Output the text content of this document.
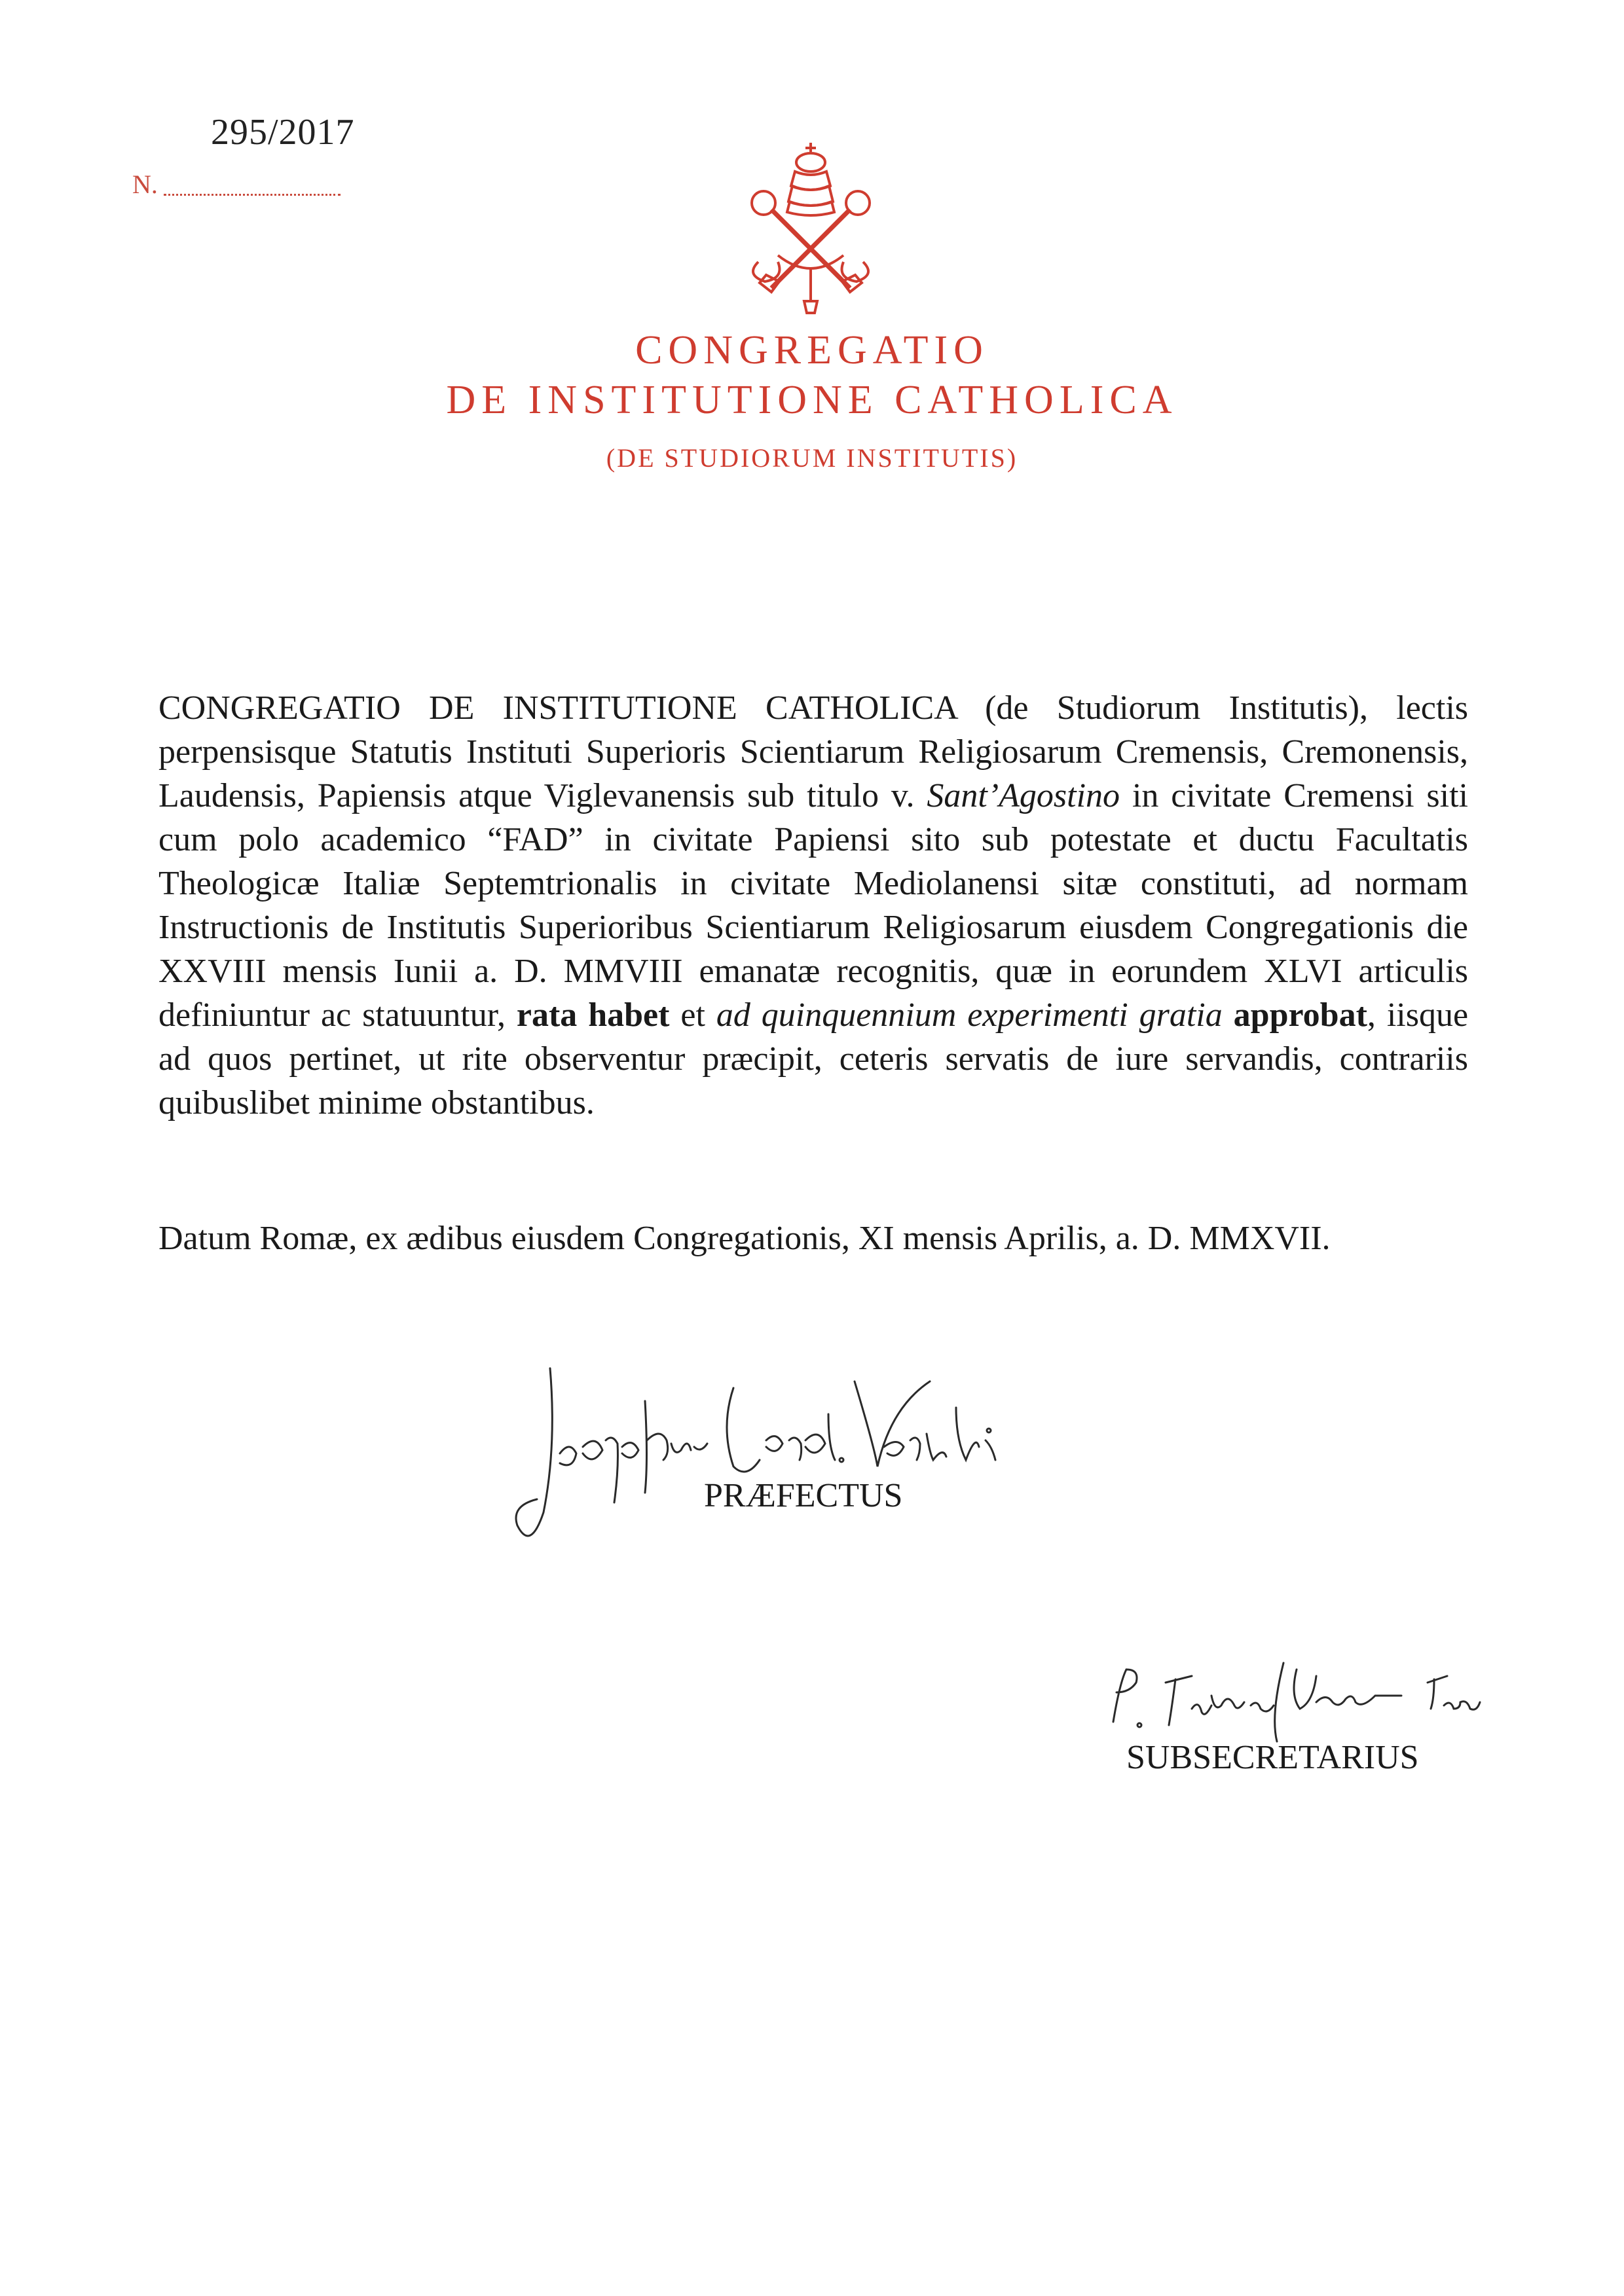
295/2017
N.
CONGREGATIO
DE INSTITUTIONE CATHOLICA
(DE STUDIORUM INSTITUTIS)

CONGREGATIO DE INSTITUTIONE CATHOLICA (de Studiorum Institutis), lectis perpensisque Statutis Instituti Superioris Scientiarum Religiosarum Cremensis, Cremonensis, Laudensis, Papiensis atque Viglevanensis sub titulo v. Sant’Agostino in civitate Cremensi siti cum polo academico “FAD” in civitate Papiensi sito sub potestate et ductu Facultatis Theologicæ Italiæ Septemtrionalis in civitate Mediolanensi sitæ constituti, ad normam Instructionis de Institutis Superioribus Scientiarum Religiosarum eiusdem Congregationis die XXVIII mensis Iunii a. D. MMVIII emanatæ recognitis, quæ in eorundem XLVI articulis definiuntur ac statuuntur, rata habet et ad quinquennium experimenti gratia approbat, iisque ad quos pertinet, ut rite observentur præcipit, ceteris servatis de iure servandis, contrariis quibuslibet minime obstantibus.

Datum Romæ, ex ædibus eiusdem Congregationis, XI mensis Aprilis, a. D. MMXVII.

PRÆFECTUS
SUBSECRETARIUS
